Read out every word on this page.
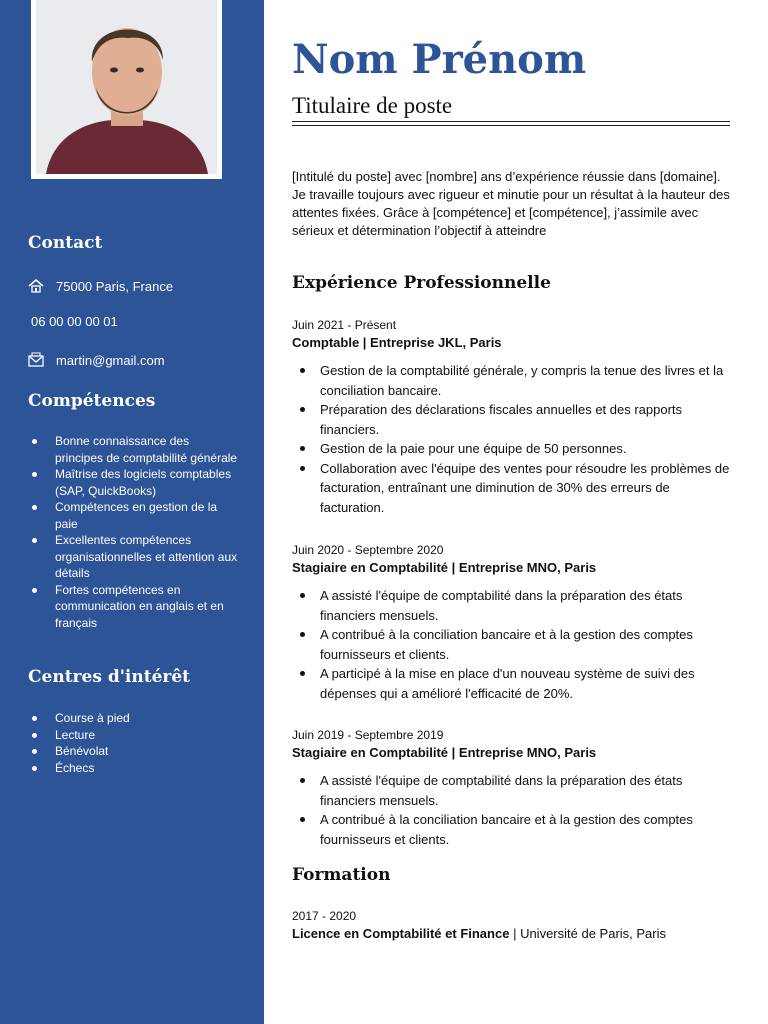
Contact
75000 Paris, France
06 00 00 00 01
martin@gmail.com
Compétences
Bonne connaissance des principes de comptabilité générale
Maîtrise des logiciels comptables (SAP, QuickBooks)
Compétences en gestion de la paie
Excellentes compétences organisationnelles et attention aux détails
Fortes compétences en communication en anglais et en français
Centres d'intérêt
Course à pied
Lecture
Bénévolat
Échecs
Nom Prénom
Titulaire de poste

[Intitulé du poste] avec [nombre] ans d’expérience réussie dans [domaine]. Je travaille toujours avec rigueur et minutie pour un résultat à la hauteur des attentes fixées. Grâce à [compétence] et [compétence], j’assimile avec sérieux et détermination l’objectif à atteindre

Expérience Professionnelle
Juin 2021 - Présent
Comptable | Entreprise JKL, Paris
Gestion de la comptabilité générale, y compris la tenue des livres et la conciliation bancaire.
Préparation des déclarations fiscales annuelles et des rapports financiers.
Gestion de la paie pour une équipe de 50 personnes.
Collaboration avec l'équipe des ventes pour résoudre les problèmes de facturation, entraînant une diminution de 30% des erreurs de facturation.
Juin 2020 - Septembre 2020
Stagiaire en Comptabilité | Entreprise MNO, Paris
A assisté l'équipe de comptabilité dans la préparation des états financiers mensuels.
A contribué à la conciliation bancaire et à la gestion des comptes fournisseurs et clients.
A participé à la mise en place d'un nouveau système de suivi des dépenses qui a amélioré l'efficacité de 20%.
Juin 2019 - Septembre 2019
Stagiaire en Comptabilité | Entreprise MNO, Paris
A assisté l'équipe de comptabilité dans la préparation des états financiers mensuels.
A contribué à la conciliation bancaire et à la gestion des comptes fournisseurs et clients.
Formation
2017 - 2020
Licence en Comptabilité et Finance | Université de Paris, Paris
